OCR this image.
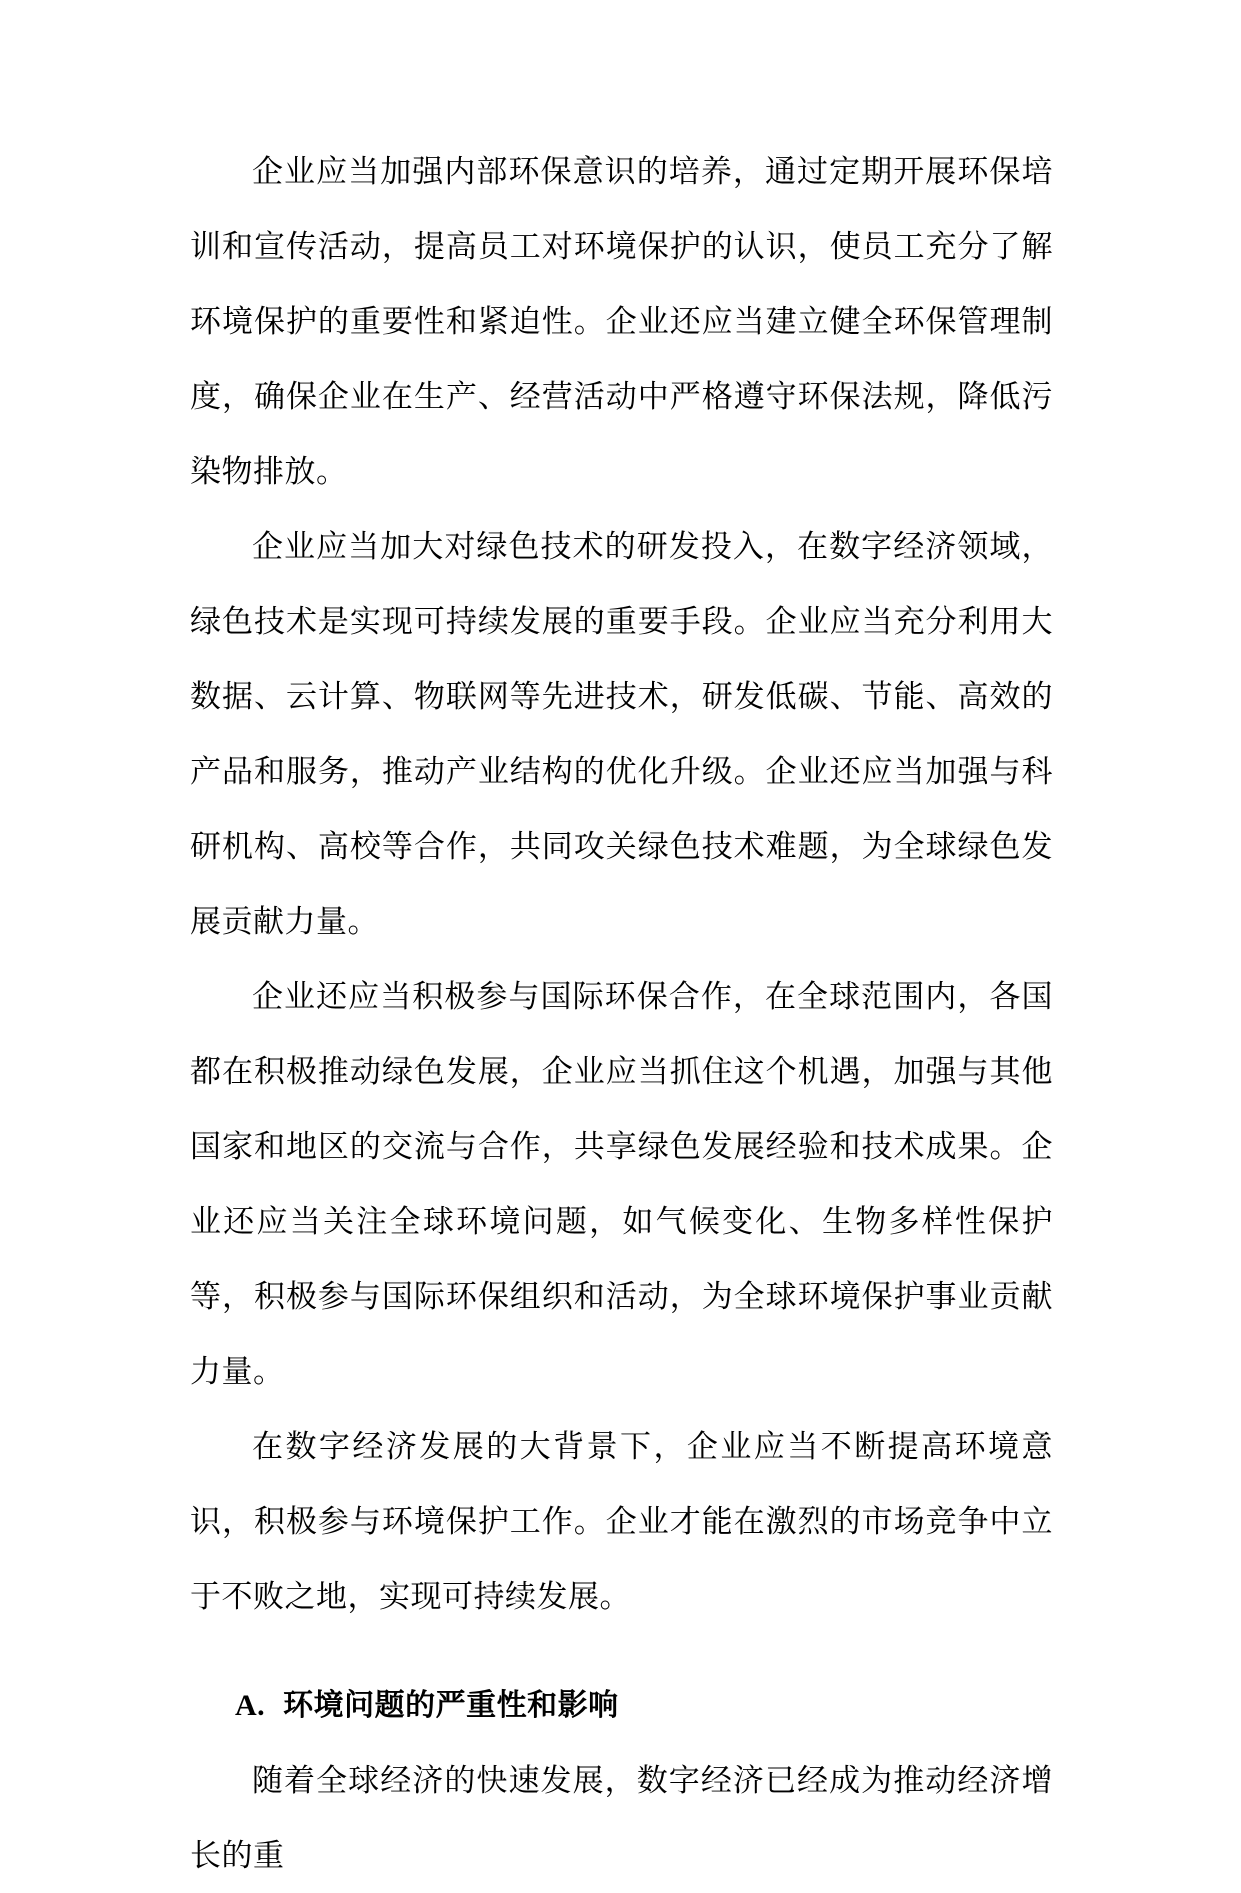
企业应当加强内部环保意识的培养，通过定期开展环保培训和宣传活动，提高员工对环境保护的认识，使员工充分了解环境保护的重要性和紧迫性。企业还应当建立健全环保管理制度，确保企业在生产、经营活动中严格遵守环保法规，降低污染物排放。

企业应当加大对绿色技术的研发投入，在数字经济领域，绿色技术是实现可持续发展的重要手段。企业应当充分利用大数据、云计算、物联网等先进技术，研发低碳、节能、高效的产品和服务，推动产业结构的优化升级。企业还应当加强与科研机构、高校等合作，共同攻关绿色技术难题，为全球绿色发展贡献力量。

企业还应当积极参与国际环保合作，在全球范围内，各国都在积极推动绿色发展，企业应当抓住这个机遇，加强与其他国家和地区的交流与合作，共享绿色发展经验和技术成果。企业还应当关注全球环境问题，如气候变化、生物多样性保护等，积极参与国际环保组织和活动，为全球环境保护事业贡献力量。

在数字经济发展的大背景下，企业应当不断提高环境意识，积极参与环境保护工作。企业才能在激烈的市场竞争中立于不败之地，实现可持续发展。

A. 环境问题的严重性和影响

随着全球经济的快速发展，数字经济已经成为推动经济增长的重
